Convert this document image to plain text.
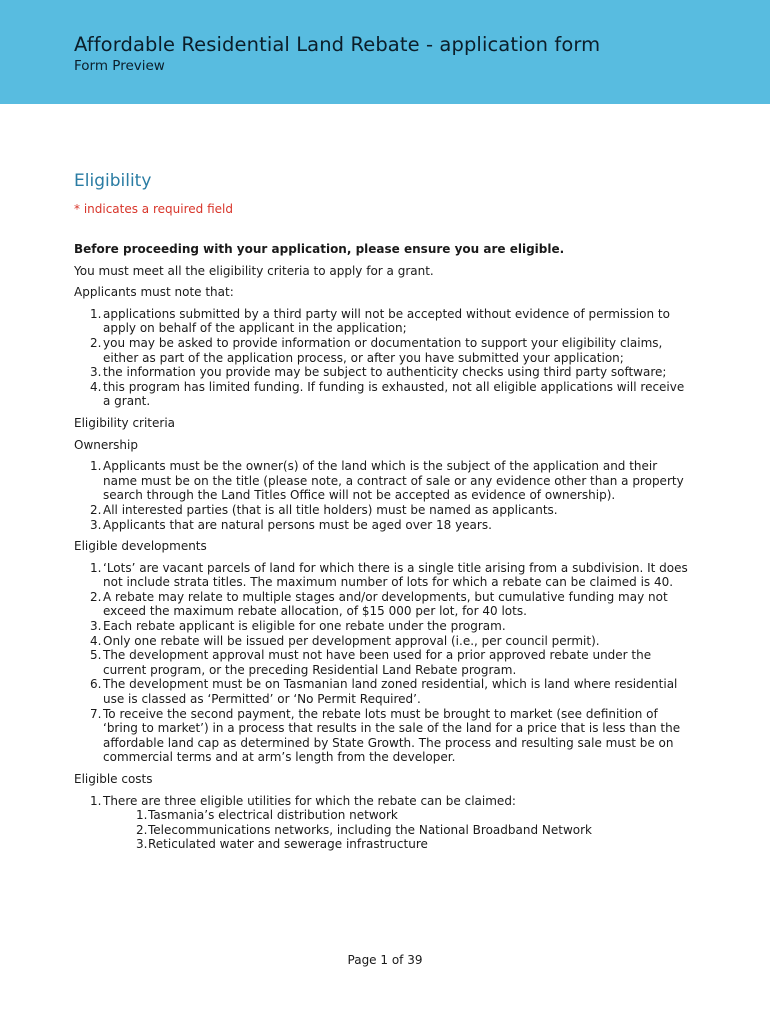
Affordable Residential Land Rebate - application form
Form Preview
Eligibility
* indicates a required field

Before proceeding with your application, please ensure you are eligible.

You must meet all the eligibility criteria to apply for a grant.

Applicants must note that:

1. applications submitted by a third party will not be accepted without evidence of permission to apply on behalf of the applicant in the application;
2. you may be asked to provide information or documentation to support your eligibility claims, either as part of the application process, or after you have submitted your application;
3. the information you provide may be subject to authenticity checks using third party software;
4. this program has limited funding. If funding is exhausted, not all eligible applications will receive a grant.

Eligibility criteria

Ownership

1. Applicants must be the owner(s) of the land which is the subject of the application and their name must be on the title (please note, a contract of sale or any evidence other than a property search through the Land Titles Office will not be accepted as evidence of ownership).
2. All interested parties (that is all title holders) must be named as applicants.
3. Applicants that are natural persons must be aged over 18 years.

Eligible developments

1. ‘Lots’ are vacant parcels of land for which there is a single title arising from a subdivision. It does not include strata titles. The maximum number of lots for which a rebate can be claimed is 40.
2. A rebate may relate to multiple stages and/or developments, but cumulative funding may not exceed the maximum rebate allocation, of $15 000 per lot, for 40 lots.
3. Each rebate applicant is eligible for one rebate under the program.
4. Only one rebate will be issued per development approval (i.e., per council permit).
5. The development approval must not have been used for a prior approved rebate under the current program, or the preceding Residential Land Rebate program.
6. The development must be on Tasmanian land zoned residential, which is land where residential use is classed as ‘Permitted’ or ‘No Permit Required’.
7. To receive the second payment, the rebate lots must be brought to market (see definition of ‘bring to market’) in a process that results in the sale of the land for a price that is less than the affordable land cap as determined by State Growth. The process and resulting sale must be on commercial terms and at arm’s length from the developer.

Eligible costs

1. There are three eligible utilities for which the rebate can be claimed:
1. Tasmania’s electrical distribution network
2. Telecommunications networks, including the National Broadband Network
3. Reticulated water and sewerage infrastructure
Page 1 of 39
